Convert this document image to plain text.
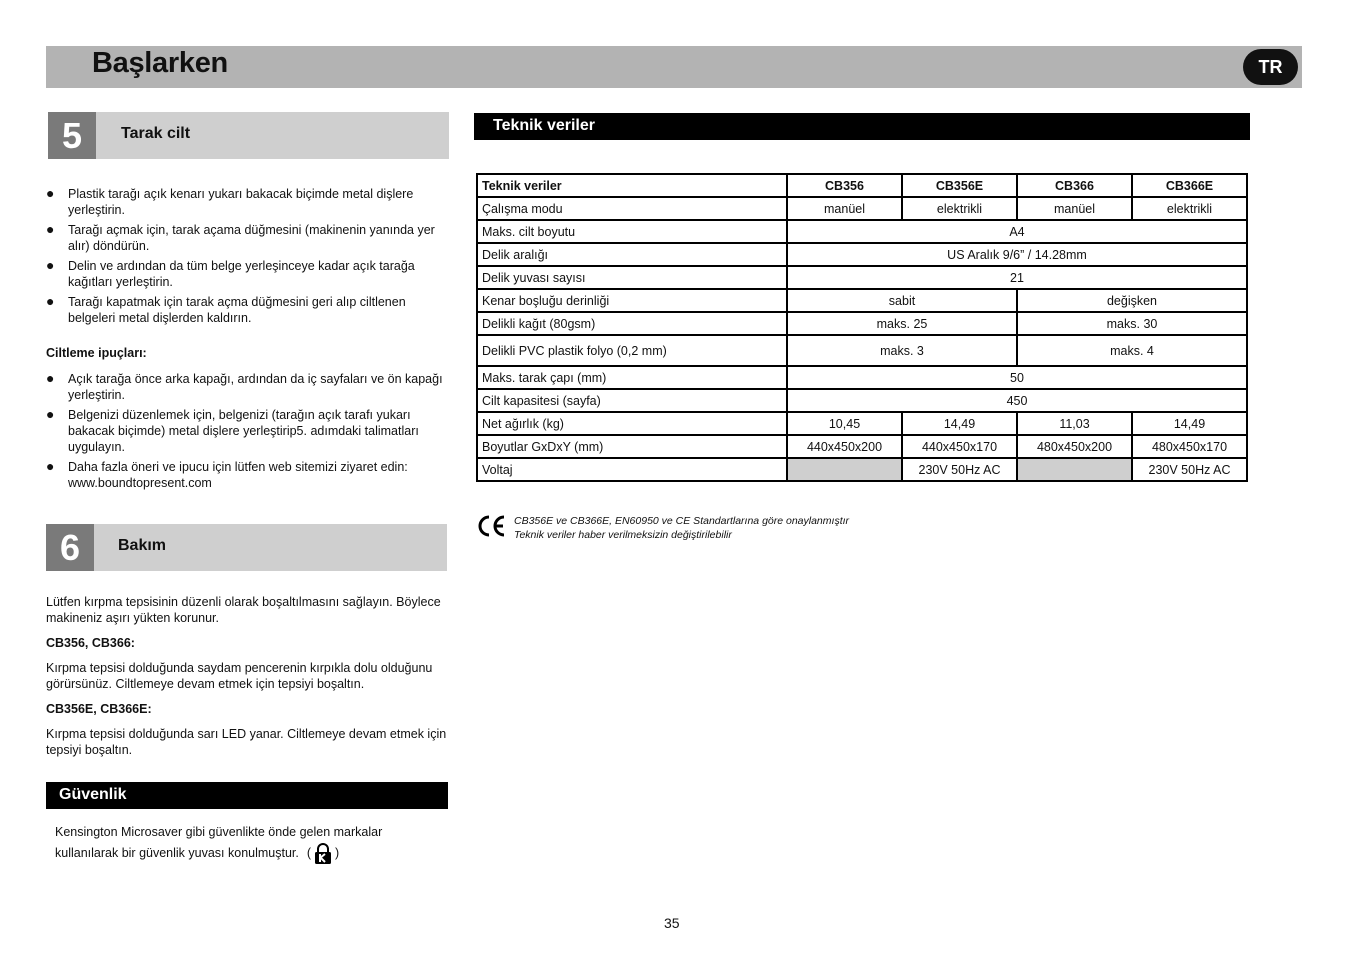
Başlarken	TR
5	Tarak cilt
● Plastik tarağı açık kenarı yukarı bakacak biçimde metal dişlere yerleştirin.
● Tarağı açmak için, tarak açama düğmesini (makinenin yanında yer alır) döndürün.
● Delin ve ardından da tüm belge yerleşinceye kadar açık tarağa kağıtları yerleştirin.
● Tarağı kapatmak için tarak açma düğmesini geri alıp ciltlenen belgeleri metal dişlerden kaldırın.
Ciltleme ipuçları:
● Açık tarağa önce arka kapağı, ardından da iç sayfaları ve ön kapağı yerleştirin.
● Belgenizi düzenlemek için, belgenizi (tarağın açık tarafı yukarı bakacak biçimde) metal dişlere yerleştirip5. adımdaki talimatları uygulayın.
● Daha fazla öneri ve ipucu için lütfen web sitemizi ziyaret edin: www.boundtopresent.com
6	Bakım

Lütfen kırpma tepsisinin düzenli olarak boşaltılmasını sağlayın. Böylece makineniz aşırı yükten korunur.

CB356, CB366:

Kırpma tepsisi dolduğunda saydam pencerenin kırpıkla dolu olduğunu görürsünüz. Ciltlemeye devam etmek için tepsiyi boşaltın.

CB356E, CB366E:

Kırpma tepsisi dolduğunda sarı LED yanar. Ciltlemeye devam etmek için tepsiyi boşaltın.

Güvenlik
Kensington Microsaver gibi güvenlikte önde gelen markalar
kullanılarak bir güvenlik yuvası konulmuştur. ( )
Teknik veriler
Teknik veriler	CB356	CB356E	CB366	CB366E
Çalışma modu	manüel	elektrikli	manüel	elektrikli
Maks. cilt boyutu	A4			
Delik aralığı	US Aralık 9/6” / 14.28mm			
Delik yuvası sayısı	21			
Kenar boşluğu derinliği	sabit		değişken	
Delikli kağıt (80gsm)	maks. 25		maks. 30	
Delikli PVC plastik folyo (0,2 mm)	maks. 3		maks. 4	
Maks. tarak çapı (mm)	50			
Cilt kapasitesi (sayfa)	450			
Net ağırlık (kg)	10,45	14,49	11,03	14,49
Boyutlar GxDxY (mm)	440x450x200	440x450x170	480x450x200	480x450x170
Voltaj		230V 50Hz AC		230V 50Hz AC
CB356E ve CB366E, EN60950 ve CE Standartlarına göre onaylanmıştır
Teknik veriler haber verilmeksizin değiştirilebilir
35
